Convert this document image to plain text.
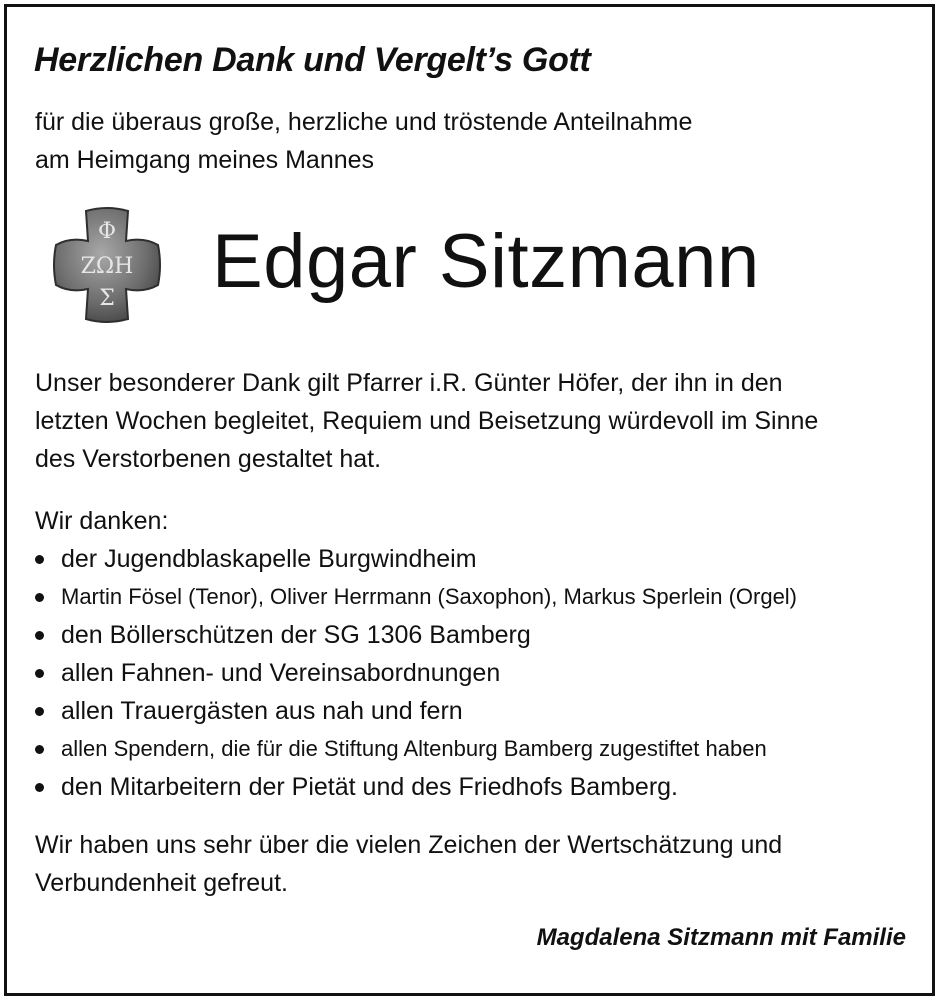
Herzlichen Dank und Vergelt’s Gott
für die überaus große, herzliche und tröstende Anteilnahme
am Heimgang meines Mannes
Φ
ΖΩΗ
Σ Edgar Sitzmann
Unser besonderer Dank gilt Pfarrer i.R. Günter Höfer, der ihn in den
letzten Wochen begleitet, Requiem und Beisetzung würdevoll im Sinne
des Verstorbenen gestaltet hat.
Wir danken:
der Jugendblaskapelle Burgwindheim
Martin Fösel (Tenor), Oliver Herrmann (Saxophon), Markus Sperlein (Orgel)
den Böllerschützen der SG 1306 Bamberg
allen Fahnen- und Vereinsabordnungen
allen Trauergästen aus nah und fern
allen Spendern, die für die Stiftung Altenburg Bamberg zugestiftet haben
den Mitarbeitern der Pietät und des Friedhofs Bamberg.
Wir haben uns sehr über die vielen Zeichen der Wertschätzung und
Verbundenheit gefreut.
Magdalena Sitzmann mit Familie
